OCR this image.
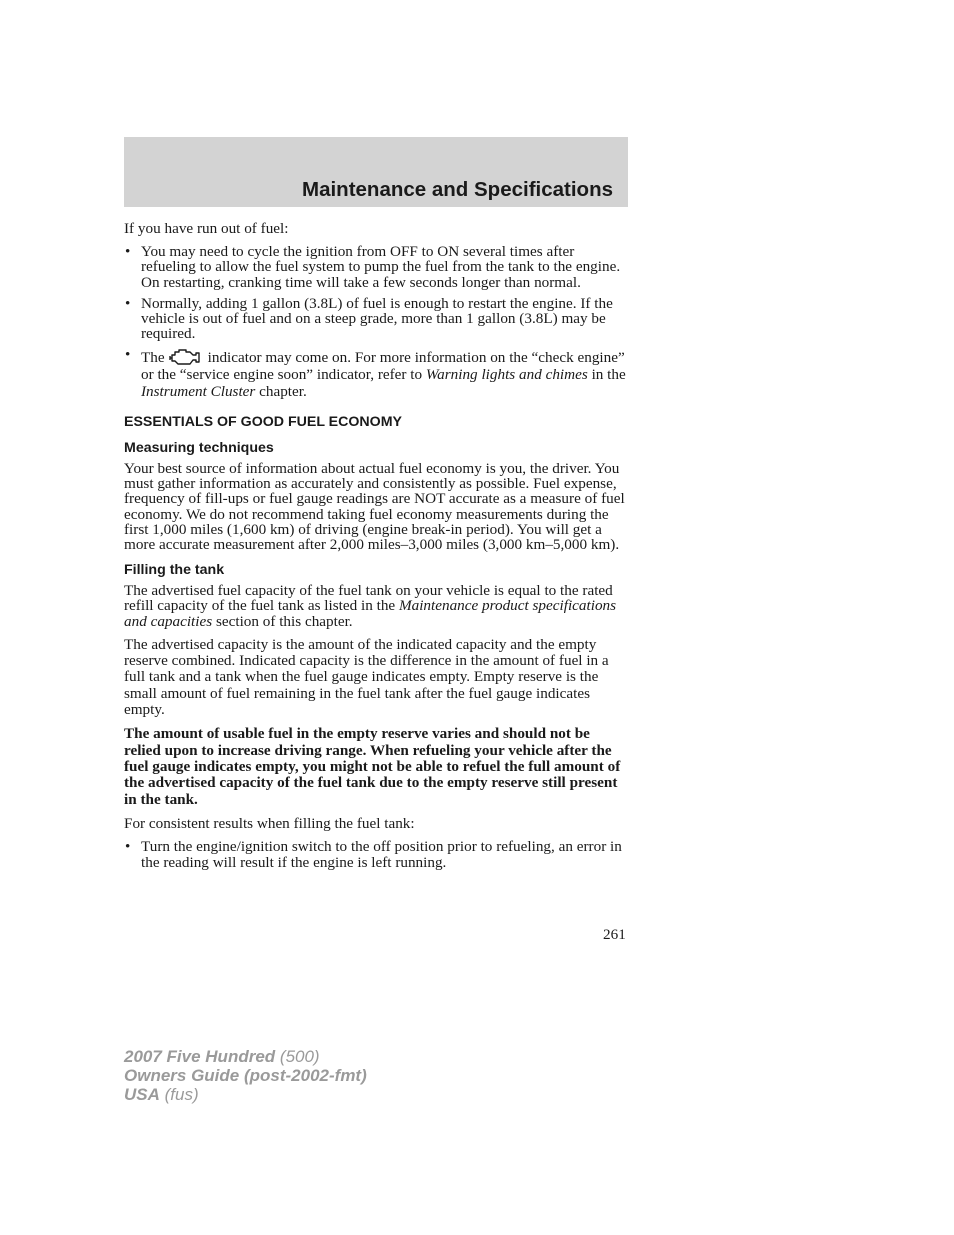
Maintenance and Specifications

If you have run out of fuel:

• You may need to cycle the ignition from OFF to ON several times after refueling to allow the fuel system to pump the fuel from the tank to the engine. On restarting, cranking time will take a few seconds longer than normal.
• Normally, adding 1 gallon (3.8L) of fuel is enough to restart the engine. If the vehicle is out of fuel and on a steep grade, more than 1 gallon (3.8L) may be required.
• The	indicator may come on. For more information on the “check engine” or the “service engine soon” indicator, refer to Warning lights and chimes in the Instrument Cluster chapter.
ESSENTIALS OF GOOD FUEL ECONOMY
Measuring techniques

Your best source of information about actual fuel economy is you, the driver. You must gather information as accurately and consistently as possible. Fuel expense, frequency of fill-ups or fuel gauge readings are NOT accurate as a measure of fuel economy. We do not recommend taking fuel economy measurements during the first 1,000 miles (1,600 km) of driving (engine break-in period). You will get a more accurate measurement after 2,000 miles–3,000 miles (3,000 km–5,000 km).

Filling the tank

The advertised fuel capacity of the fuel tank on your vehicle is equal to the rated refill capacity of the fuel tank as listed in the Maintenance product specifications and capacities section of this chapter.

The advertised capacity is the amount of the indicated capacity and the empty reserve combined. Indicated capacity is the difference in the amount of fuel in a full tank and a tank when the fuel gauge indicates empty. Empty reserve is the small amount of fuel remaining in the fuel tank after the fuel gauge indicates empty.

The amount of usable fuel in the empty reserve varies and should not be relied upon to increase driving range. When refueling your vehicle after the fuel gauge indicates empty, you might not be able to refuel the full amount of the advertised capacity of the fuel tank due to the empty reserve still present in the tank.

For consistent results when filling the fuel tank:

• Turn the engine/ignition switch to the off position prior to refueling, an error in the reading will result if the engine is left running.
261
2007 Five Hundred (500)
Owners Guide (post-2002-fmt)
USA (fus)
